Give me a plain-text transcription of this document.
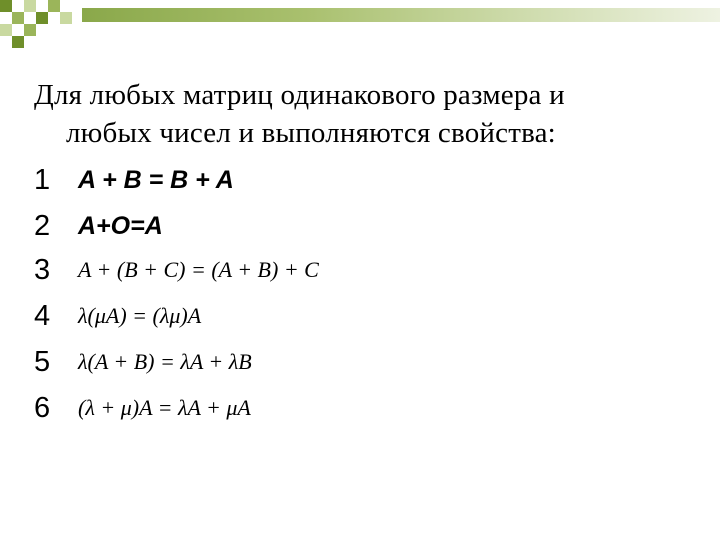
Для любых матриц одинакового размера и
любых чисел и выполняются свойства:
1 A + B = B + A
2 A+O=A
3 A + (B + C) = (A + B) + C
4 λ(μA) = (λμ)A
5 λ(A + B) = λA + λB
6 (λ + μ)A = λA + μA
